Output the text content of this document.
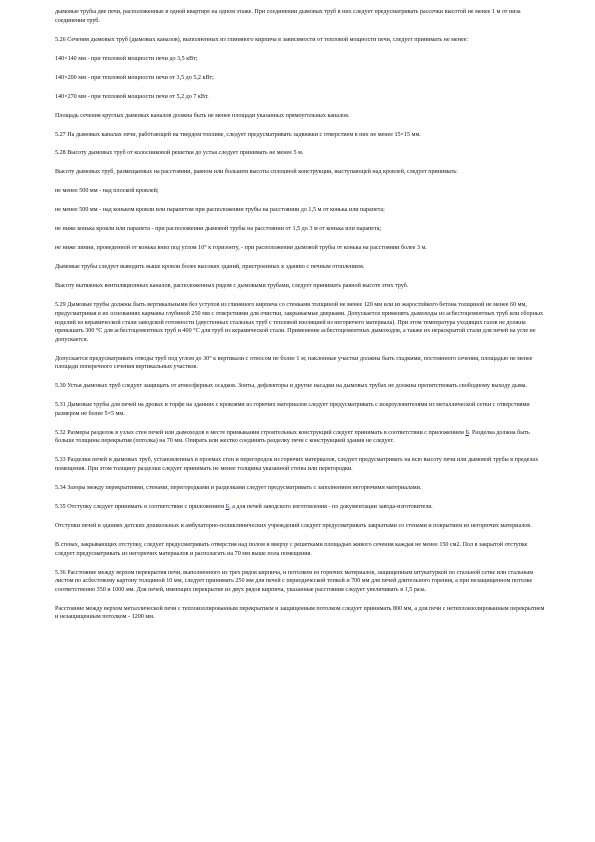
дымовые трубы две печи, расположенные в одной квартире на одном этаже. При соединении дымовых труб в них следует предусматривать рассечки высотой не менее 1 м от низа соединения труб.

5.26 Сечения дымовых труб (дымовых каналов), выполненных из глиняного кирпича в зависимости от тепловой мощности печи, следует принимать не менее:

140×140 мм - при тепловой мощности печи до 3,5 кВт;

140×200 мм - при тепловой мощности печи от 3,5 до 5,2 кВт;

140×270 мм - при тепловой мощности печи от 5,2 до 7 кВт.

Площадь сечения круглых дымовых каналов должна быть не менее площади указанных прямоугольных каналов.

5.27 На дымовых каналах печи, работающей на твердом топливе, следует предусматривать задвижки с отверстием в них не менее 15×15 мм.

5.28 Высоту дымовых труб от колосниковой решетки до устья следует принимать не менее 5 м.

Высоту дымовых труб, размещаемых на расстоянии, равном или большем высоты сплошной конструкции, выступающей над кровлей, следует принимать:

не менее 500 мм - над плоской кровлей;

не менее 500 мм - над коньком кровли или парапетом при расположении трубы на расстоянии до 1,5 м от конька или парапета;

не ниже конька кровли или парапета - при расположении дымовой трубы на расстоянии от 1,5 до 3 м от конька или парапета;

не ниже линии, проведенной от конька вниз под углом 10° к горизонту, - при расположении дымовой трубы от конька на расстоянии более 3 м.

Дымовые трубы следует выводить выше кровли более высоких зданий, пристроенных к зданию с печным отоплением.

Высоту вытяжных вентиляционных каналов, расположенных рядом с дымовыми трубами, следует принимать равной высоте этих труб.

5.29 Дымовые трубы должны быть вертикальными без уступов из глиняного кирпича со стенками толщиной не менее 120 мм или из жаростойкого бетона толщиной не менее 60 мм, предусматривая в их основаниях карманы глубиной 250 мм с отверстиями для очистки, закрываемые дверками. Допускается применять дымоходы из асбестоцементных труб или сборных изделий из керамической стали заводской готовности (двустенных стальных труб с тепловой изоляцией из негорючего материала). При этом температура уходящих газов не должна превышать 300 °С для асбестоцементных труб и 400 °С для труб из керамической стали. Применение асбестоцементных дымоходов, а также их нераскрытой стали для печей на угле не допускается.

Допускается предусматривать отводы труб под углом до 30° к вертикали с относом не более 1 м; наклонные участки должны быть гладкими, постоянного сечения, площадью не менее площади поперечного сечения вертикальных участков.

5.30 Устья дымовых труб следует защищать от атмосферных осадков. Зонты, дефлекторы и другие насадки на дымовых трубах не должны препятствовать свободному выходу дыма.

5.31 Дымовые трубы для печей на дровах и торфе на зданиях с кровлями из горючих материалов следует предусматривать с искроуловителями из металлической сетки с отверстиями размером не более 5×5 мм.

5.32 Размеры разделок в узлах стен печей или дымоходов в месте примыкания строительных конструкций следует принимать в соответствии с приложением Б. Разделка должна быть больше толщины перекрытия (потолка) на 70 мм. Опирать или жестко соединять разделку печи с конструкцией здания не следует.

5.33 Разделки печей и дымовых труб, установленных в проемах стен и перегородок из горючих материалов, следует предусматривать на всю высоту печи или дымовой трубы в пределах помещения. При этом толщину разделки следует принимать не менее толщины указанной стены или перегородки.

5.34 Зазоры между перекрытиями, стенами, перегородками и разделками следует предусматривать с заполнением негорючими материалами.

5.35 Отступку следует принимать в соответствии с приложением Б, а для печей заводского изготовления - по документации завода-изготовителя.

Отступки печей в зданиях детских дошкольных и амбулаторно-поликлинических учреждений следует предусматривать закрытыми со стенами и покрытием из негорючих материалов.

В стенах, закрывающих отступку, следует предусматривать отверстия над полом и вверху с решетками площадью живого сечения каждая не менее 150 см2. Пол в закрытой отступке следует предусматривать из негорючих материалов и располагать на 70 мм выше пола помещения.

5.36 Расстояние между верхом перекрытия печи, выполненного из трех рядов кирпича, и потолком из горючих материалов, защищенным штукатуркой по стальной сетке или стальным листом по асбестовому картону толщиной 10 мм, следует принимать 250 мм для печей с периодической топкой и 700 мм для печей длительного горения, а при незащищенном потолке соответственно 350 и 1000 мм. Для печей, имеющих перекрытие из двух рядов кирпича, указанные расстояния следует увеличивать в 1,5 раза.

Расстояние между верхом металлической печи с теплоизолированным перекрытием и защищенным потолком следует принимать 800 мм, а для печи с нетеплоизолированным перекрытием и незащищенным потолком - 1200 мм.
